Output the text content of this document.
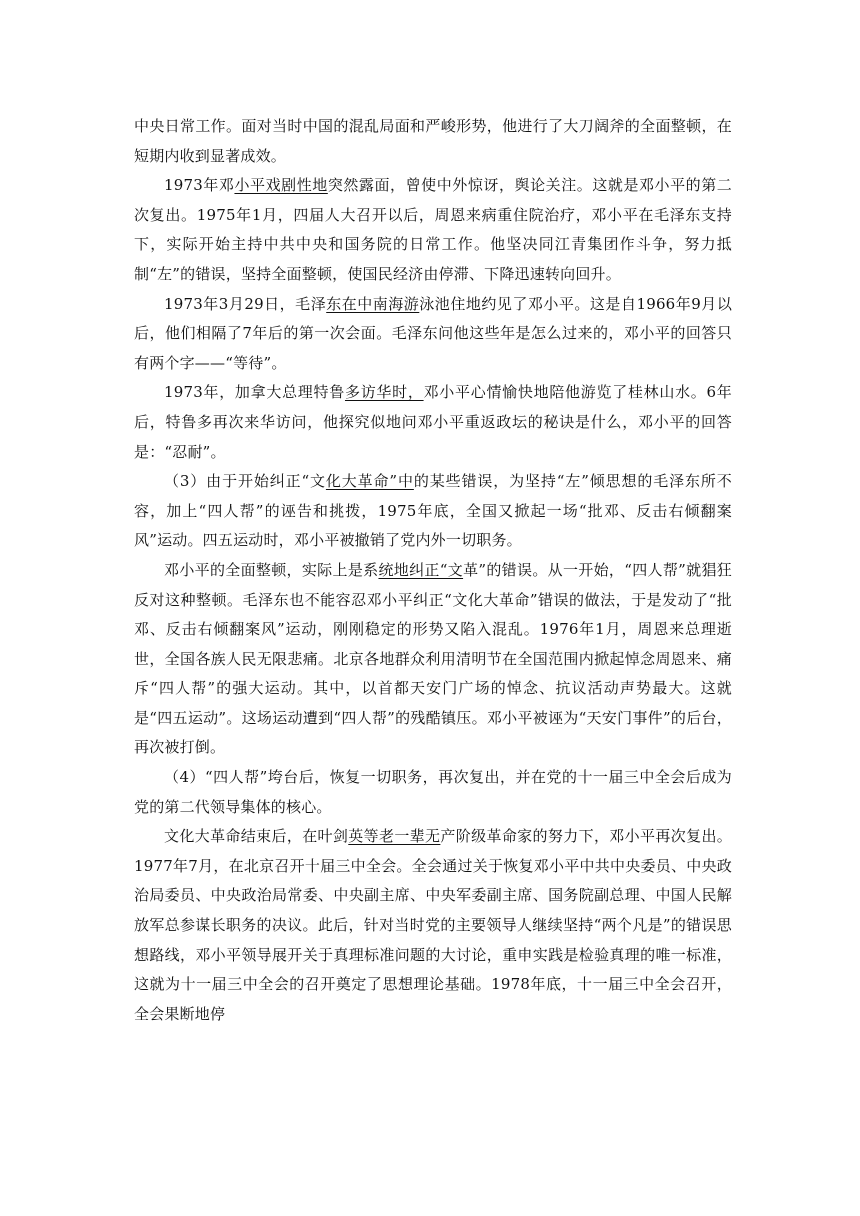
中央日常工作。面对当时中国的混乱局面和严峻形势，他进行了大刀阔斧的全面整顿，在短期内收到显著成效。

1973年邓小平戏剧性地突然露面，曾使中外惊讶，舆论关注。这就是邓小平的第二次复出。1975年1月，四届人大召开以后，周恩来病重住院治疗，邓小平在毛泽东支持下，实际开始主持中共中央和国务院的日常工作。他坚决同江青集团作斗争，努力抵制“左”的错误，坚持全面整顿，使国民经济由停滞、下降迅速转向回升。

1973年3月29日，毛泽东在中南海游泳池住地约见了邓小平。这是自1966年9月以后，他们相隔了7年后的第一次会面。毛泽东问他这些年是怎么过来的，邓小平的回答只有两个字——“等待”。

1973年，加拿大总理特鲁多访华时，邓小平心情愉快地陪他游览了桂林山水。6年后，特鲁多再次来华访问，他探究似地问邓小平重返政坛的秘诀是什么，邓小平的回答是：“忍耐”。

（3）由于开始纠正“文化大革命”中的某些错误，为坚持“左”倾思想的毛泽东所不容，加上“四人帮”的诬告和挑拨，1975年底，全国又掀起一场“批邓、反击右倾翻案风”运动。四五运动时，邓小平被撤销了党内外一切职务。

邓小平的全面整顿，实际上是系统地纠正“文革”的错误。从一开始，“四人帮”就猖狂反对这种整顿。毛泽东也不能容忍邓小平纠正“文化大革命”错误的做法，于是发动了“批邓、反击右倾翻案风”运动，刚刚稳定的形势又陷入混乱。1976年1月，周恩来总理逝世，全国各族人民无限悲痛。北京各地群众利用清明节在全国范围内掀起悼念周恩来、痛斥“四人帮”的强大运动。其中，以首都天安门广场的悼念、抗议活动声势最大。这就是“四五运动”。这场运动遭到“四人帮”的残酷镇压。邓小平被诬为“天安门事件”的后台，再次被打倒。

（4）“四人帮”垮台后，恢复一切职务，再次复出，并在党的十一届三中全会后成为党的第二代领导集体的核心。

文化大革命结束后，在叶剑英等老一辈无产阶级革命家的努力下，邓小平再次复出。1977年7月，在北京召开十届三中全会。全会通过关于恢复邓小平中共中央委员、中央政治局委员、中央政治局常委、中央副主席、中央军委副主席、国务院副总理、中国人民解放军总参谋长职务的决议。此后，针对当时党的主要领导人继续坚持“两个凡是”的错误思想路线，邓小平领导展开关于真理标准问题的大讨论，重申实践是检验真理的唯一标准，这就为十一届三中全会的召开奠定了思想理论基础。1978年底，十一届三中全会召开，全会果断地停
